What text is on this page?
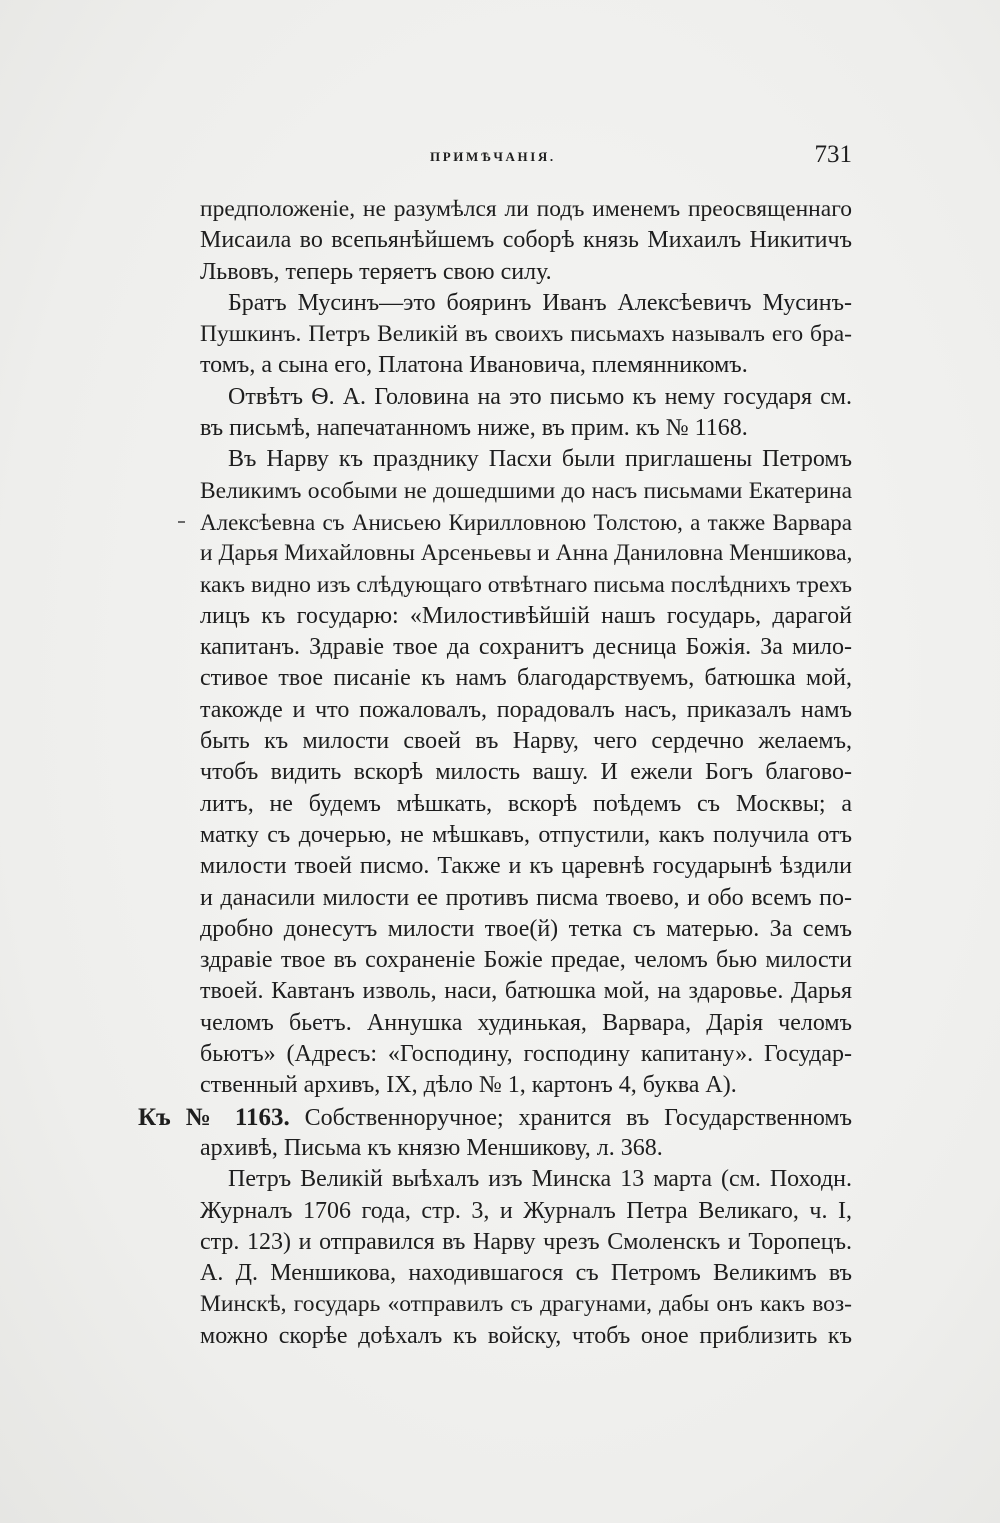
ПРИМѢЧАНІЯ.	731
предположеніе, не разумѣлся ли подъ именемъ преосвященнаго
Мисаила во всепьянѣйшемъ соборѣ князь Михаилъ Никитичъ
Львовъ, теперь теряетъ свою силу.
Братъ Мусинъ—это бояринъ Иванъ Алексѣевичъ Мусинъ-
Пушкинъ. Петръ Великій въ своихъ письмахъ называлъ его бра-
томъ, а сына его, Платона Ивановича, племянникомъ.
Отвѣтъ Ѳ. А. Головина на это письмо къ нему государя см.
въ письмѣ, напечатанномъ ниже, въ прим. къ № 1168.
Въ Нарву къ празднику Пасхи были приглашены Петромъ
Великимъ особыми не дошедшими до насъ письмами Екатерина
Алексѣевна съ Анисьею Кирилловною Толстою, а также Варвара
и Дарья Михайловны Арсеньевы и Анна Даниловна Меншикова,
какъ видно изъ слѣдующаго отвѣтнаго письма послѣднихъ трехъ
лицъ къ государю: «Милостивѣйшій нашъ государь, дарагой
капитанъ. Здравіе твое да сохранитъ десница Божія. За мило-
стивое твое писаніе къ намъ благодарствуемъ, батюшка мой,
такожде и что пожаловалъ, порадовалъ насъ, приказалъ намъ
быть къ милости своей въ Нарву, чего сердечно желаемъ,
чтобъ видить вскорѣ милость вашу. И ежели Богъ благово-
литъ, не будемъ мѣшкать, вскорѣ поѣдемъ съ Москвы; а
матку съ дочерью, не мѣшкавъ, отпустили, какъ получила отъ
милости твоей писмо. Также и къ царевнѣ государынѣ ѣздили
и данасили милости ее противъ писма твоево, и обо всемъ по-
дробно донесутъ милости твое(й) тетка съ матерью. За семъ
здравіе твое въ сохраненіе Божіе предае, челомъ бью милости
твоей. Кавтанъ изволь, наси, батюшка мой, на здаровье. Дарья
челомъ бьетъ. Аннушка худинькая, Варвара, Дарія челомъ
бьютъ» (Адресъ: «Господину, господину капитану». Государ-
ственный архивъ, IX, дѣло № 1, картонъ 4, буква А).
Къ № 1163. Собственноручное; хранится въ Государственномъ
архивѣ, Письма къ князю Меншикову, л. 368.
Петръ Великій выѣхалъ изъ Минска 13 марта (см. Походн.
Журналъ 1706 года, стр. 3, и Журналъ Петра Великаго, ч. I,
стр. 123) и отправился въ Нарву чрезъ Смоленскъ и Торопецъ.
А. Д. Меншикова, находившагося съ Петромъ Великимъ въ
Минскѣ, государь «отправилъ съ драгунами, дабы онъ какъ воз-
можно скорѣе доѣхалъ къ войску, чтобъ оное приблизить къ
